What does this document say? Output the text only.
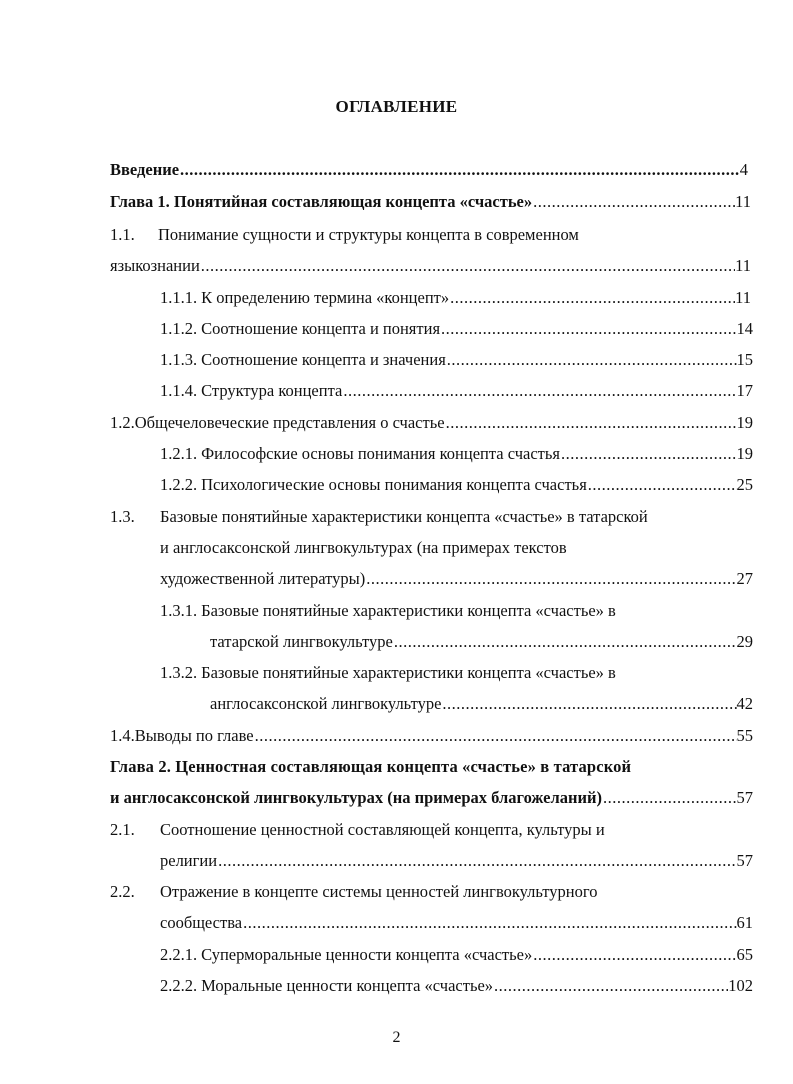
ОГЛАВЛЕНИЕ
Введение .....	4
Глава 1. Понятийная составляющая концепта «счастье» .....	11
1.1. Понимание сущности и структуры концепта в современном
языкознании .....	11
1.1.1. К определению термина «концепт» .....	11
1.1.2. Соотношение концепта и понятия .....	14
1.1.3. Соотношение концепта и значения .....	15
1.1.4. Структура концепта .....	17
1.2. Общечеловеческие представления о счастье .....	19
1.2.1. Философские основы понимания концепта счастья .....	19
1.2.2. Психологические основы понимания концепта счастья .....	25
1.3. Базовые понятийные характеристики концепта «счастье» в татарской
и англосаксонской лингвокультурах (на примерах текстов
художественной литературы) .....	27
1.3.1. Базовые понятийные характеристики концепта «счастье» в
татарской лингвокультуре .....	29
1.3.2. Базовые понятийные характеристики концепта «счастье» в
англосаксонской лингвокультуре .....	42
1.4. Выводы по главе .....	55
Глава 2. Ценностная составляющая концепта «счастье» в татарской
и англосаксонской лингвокультурах (на примерах благожеланий) .....	57
2.1. Соотношение ценностной составляющей концепта, культуры и
религии .....	57
2.2. Отражение в концепте системы ценностей лингвокультурного
сообщества .....	61
2.2.1. Суперморальные ценности концепта «счастье» .....	65
2.2.2. Моральные ценности концепта «счастье» .....	102
2
